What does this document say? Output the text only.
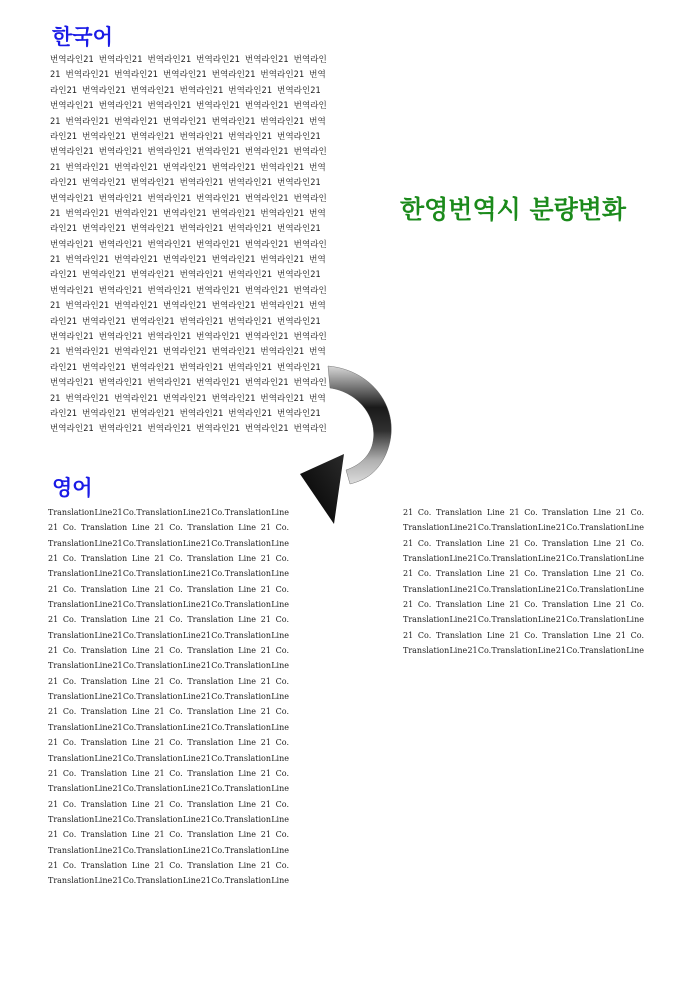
한국어
번역라인21 번역라인21 번역라인21 번역라인21 번역라인21 번역라인
21 번역라인21 번역라인21 번역라인21 번역라인21 번역라인21 번역
라인21 번역라인21 번역라인21 번역라인21 번역라인21 번역라인21
번역라인21 번역라인21 번역라인21 번역라인21 번역라인21 번역라인
21 번역라인21 번역라인21 번역라인21 번역라인21 번역라인21 번역
라인21 번역라인21 번역라인21 번역라인21 번역라인21 번역라인21
번역라인21 번역라인21 번역라인21 번역라인21 번역라인21 번역라인
21 번역라인21 번역라인21 번역라인21 번역라인21 번역라인21 번역
라인21 번역라인21 번역라인21 번역라인21 번역라인21 번역라인21
번역라인21 번역라인21 번역라인21 번역라인21 번역라인21 번역라인
21 번역라인21 번역라인21 번역라인21 번역라인21 번역라인21 번역
라인21 번역라인21 번역라인21 번역라인21 번역라인21 번역라인21
번역라인21 번역라인21 번역라인21 번역라인21 번역라인21 번역라인
21 번역라인21 번역라인21 번역라인21 번역라인21 번역라인21 번역
라인21 번역라인21 번역라인21 번역라인21 번역라인21 번역라인21
번역라인21 번역라인21 번역라인21 번역라인21 번역라인21 번역라인
21 번역라인21 번역라인21 번역라인21 번역라인21 번역라인21 번역
라인21 번역라인21 번역라인21 번역라인21 번역라인21 번역라인21
번역라인21 번역라인21 번역라인21 번역라인21 번역라인21 번역라인
21 번역라인21 번역라인21 번역라인21 번역라인21 번역라인21 번역
라인21 번역라인21 번역라인21 번역라인21 번역라인21 번역라인21
번역라인21 번역라인21 번역라인21 번역라인21 번역라인21 번역라인
21 번역라인21 번역라인21 번역라인21 번역라인21 번역라인21 번역
라인21 번역라인21 번역라인21 번역라인21 번역라인21 번역라인21
번역라인21 번역라인21 번역라인21 번역라인21 번역라인21 번역라인
한영번역시 분량변화
영어
Translation Line 21 Co. Translation Line 21 Co. Translation Line
21 Co. Translation Line 21 Co. Translation Line 21 Co.
Translation Line 21 Co. Translation Line 21 Co. Translation Line
21 Co. Translation Line 21 Co. Translation Line 21 Co.
Translation Line 21 Co. Translation Line 21 Co. Translation Line
21 Co. Translation Line 21 Co. Translation Line 21 Co.
Translation Line 21 Co. Translation Line 21 Co. Translation Line
21 Co. Translation Line 21 Co. Translation Line 21 Co.
Translation Line 21 Co. Translation Line 21 Co. Translation Line
21 Co. Translation Line 21 Co. Translation Line 21 Co.
Translation Line 21 Co. Translation Line 21 Co. Translation Line
21 Co. Translation Line 21 Co. Translation Line 21 Co.
Translation Line 21 Co. Translation Line 21 Co. Translation Line
21 Co. Translation Line 21 Co. Translation Line 21 Co.
Translation Line 21 Co. Translation Line 21 Co. Translation Line
21 Co. Translation Line 21 Co. Translation Line 21 Co.
Translation Line 21 Co. Translation Line 21 Co. Translation Line
21 Co. Translation Line 21 Co. Translation Line 21 Co.
Translation Line 21 Co. Translation Line 21 Co. Translation Line
21 Co. Translation Line 21 Co. Translation Line 21 Co.
Translation Line 21 Co. Translation Line 21 Co. Translation Line
21 Co. Translation Line 21 Co. Translation Line 21 Co.
Translation Line 21 Co. Translation Line 21 Co. Translation Line
21 Co. Translation Line 21 Co. Translation Line 21 Co.
Translation Line 21 Co. Translation Line 21 Co. Translation Line
21 Co. Translation Line 21 Co. Translation Line 21 Co.
Translation Line 21 Co. Translation Line 21 Co. Translation Line
21 Co. Translation Line 21 Co. Translation Line 21 Co.
Translation Line 21 Co. Translation Line 21 Co. Translation Line
21 Co. Translation Line 21 Co. Translation Line 21 Co.
Translation Line 21 Co. Translation Line 21 Co. Translation Line
21 Co. Translation Line 21 Co. Translation Line 21 Co.
Translation Line 21 Co. Translation Line 21 Co. Translation Line
21 Co. Translation Line 21 Co. Translation Line 21 Co.
Translation Line 21 Co. Translation Line 21 Co. Translation Line
